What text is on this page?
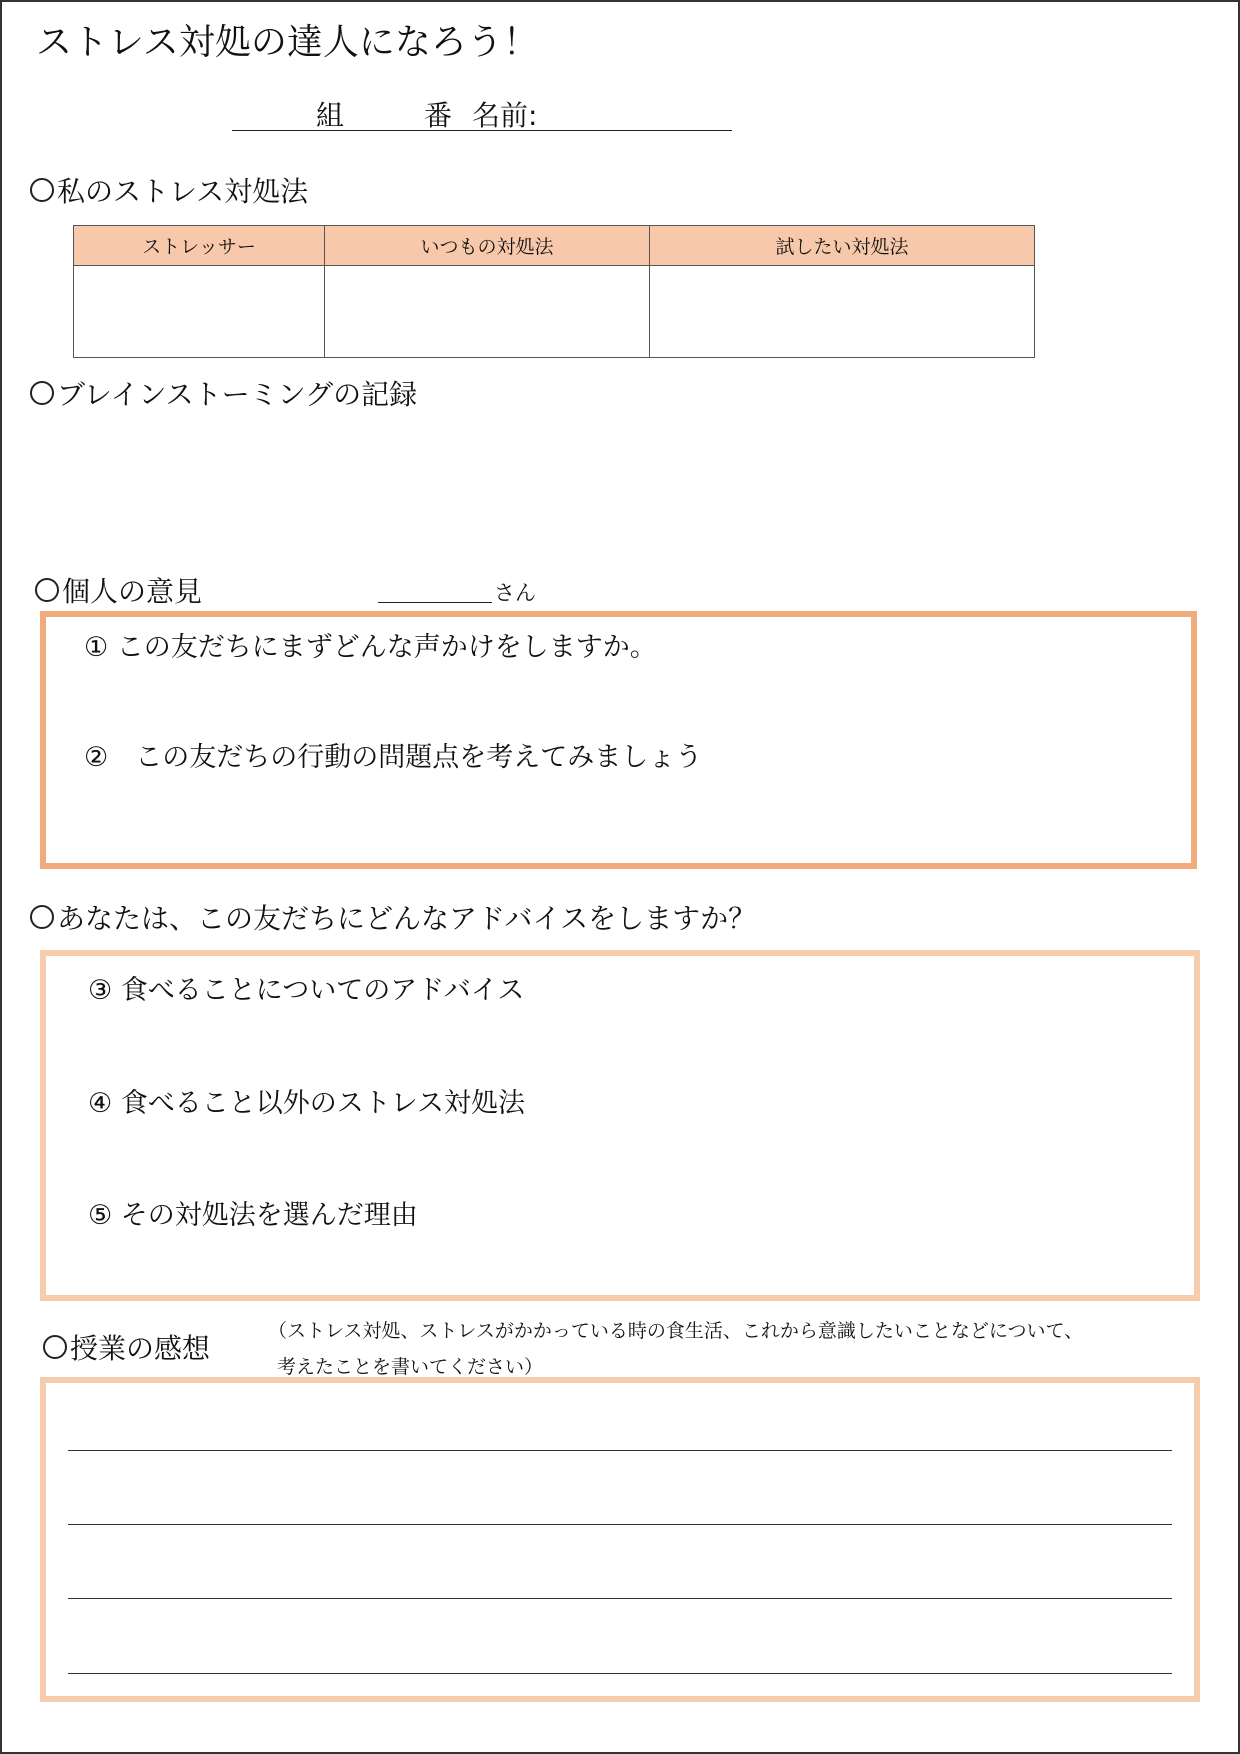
ストレス対処の達人になろう！
組	番 名前:
私のストレス対処法
ストレッサー	いつもの対処法	試したい対処法

ブレインストーミングの記録
個人の意見	さん
① この友だちにまずどんな声かけをしますか。
②　この友だちの行動の問題点を考えてみましょう
あなたは、この友だちにどんなアドバイスをしますか？
③ 食べることについてのアドバイス
④ 食べること以外のストレス対処法
⑤ その対処法を選んだ理由
授業の感想
（ストレス対処、ストレスがかかっている時の食生活、これから意識したいことなどについて、
考えたことを書いてください）
